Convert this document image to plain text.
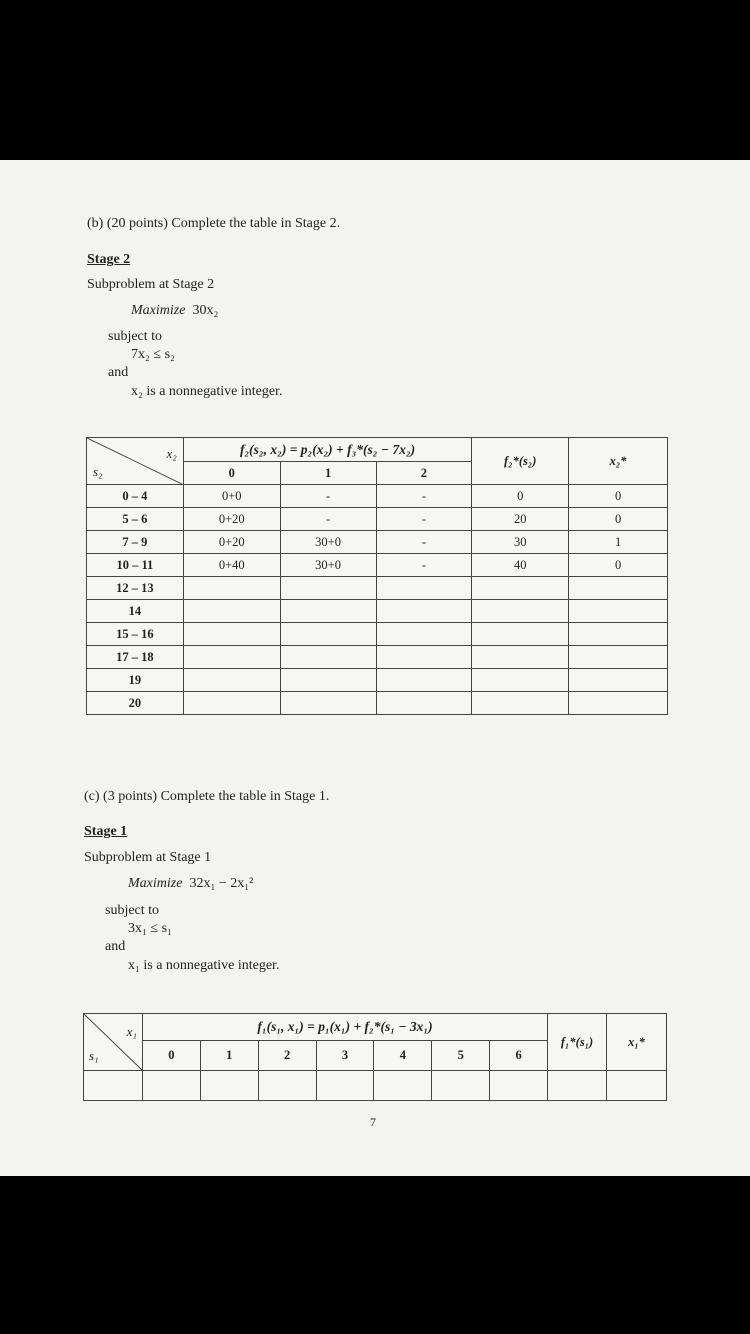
(b) (20 points) Complete the table in Stage 2.
Stage 2
Subproblem at Stage 2
Maximize 30x₂
subject to
7x₂ ≤ s₂
and
x₂ is a nonnegative integer.
x₂
s₂	f₂(s₂, x₂) = p₂(x₂) + f₃*(s₂ − 7x₂)			f₂*(s₂)	x₂*
	0	1	2		
0 – 4	0+0	-	-	0	0
5 – 6	0+20	-	-	20	0
7 – 9	0+20	30+0	-	30	1
10 – 11	0+40	30+0	-	40	0
12 – 13					
14					
15 – 16					
17 – 18					
19					
20					
(c) (3 points) Complete the table in Stage 1.
Stage 1
Subproblem at Stage 1
Maximize 32x₁ − 2x₁²
subject to
3x₁ ≤ s₁
and
x₁ is a nonnegative integer.
x₁
s₁	f₁(s₁, x₁) = p₁(x₁) + f₂*(s₁ − 3x₁)							f₁*(s₁)	x₁*
	0	1	2	3	4	5	6		

7
